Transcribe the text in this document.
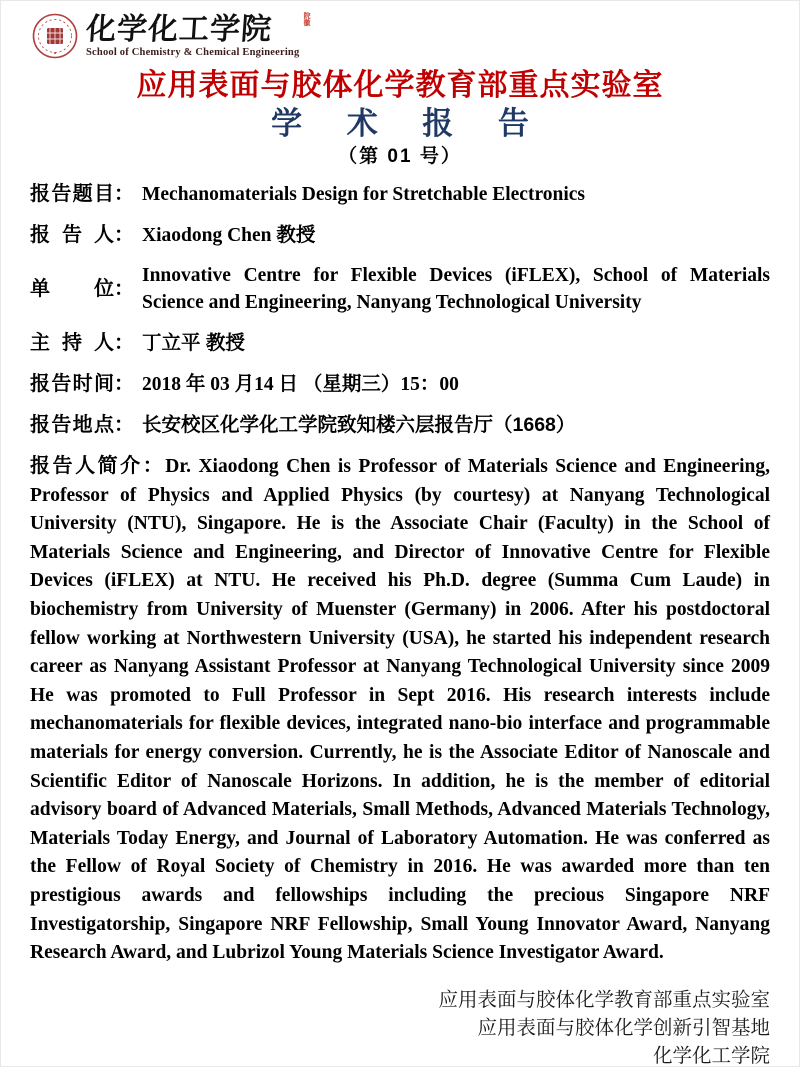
化学化工学院	院徽
School of Chemistry & Chemical Engineering
应用表面与胶体化学教育部重点实验室
学 术 报 告
（第 01 号）
报告题目 ： Mechanomaterials Design for Stretchable Electronics
报告人 ： Xiaodong Chen 教授
单位 ：
Innovative Centre for Flexible Devices (iFLEX), School of Materials Science and Engineering, Nanyang Technological University
主持人 ： 丁立平 教授
报告时间 ： 2018 年 03 月14 日 （星期三）15：00
报告地点 ： 长安校区化学化工学院致知楼六层报告厅（1668）

报告人简介：Dr. Xiaodong Chen is Professor of Materials Science and Engineering, Professor of Physics and Applied Physics (by courtesy) at Nanyang Technological University (NTU), Singapore. He is the Associate Chair (Faculty) in the School of Materials Science and Engineering, and Director of Innovative Centre for Flexible Devices (iFLEX) at NTU. He received his Ph.D. degree (Summa Cum Laude) in biochemistry from University of Muenster (Germany) in 2006. After his postdoctoral fellow working at Northwestern University (USA), he started his independent research career as Nanyang Assistant Professor at Nanyang Technological University since 2009 He was promoted to Full Professor in Sept 2016. His research interests include mechanomaterials for flexible devices, integrated nano-bio interface and programmable materials for energy conversion. Currently, he is the Associate Editor of Nanoscale and Scientific Editor of Nanoscale Horizons. In addition, he is the member of editorial advisory board of Advanced Materials, Small Methods, Advanced Materials Technology, Materials Today Energy, and Journal of Laboratory Automation. He was conferred as the Fellow of Royal Society of Chemistry in 2016. He was awarded more than ten prestigious awards and fellowships including the precious Singapore NRF Investigatorship, Singapore NRF Fellowship, Small Young Innovator Award, Nanyang Research Award, and Lubrizol Young Materials Science Investigator Award.

应用表面与胶体化学教育部重点实验室
应用表面与胶体化学创新引智基地
化学化工学院
